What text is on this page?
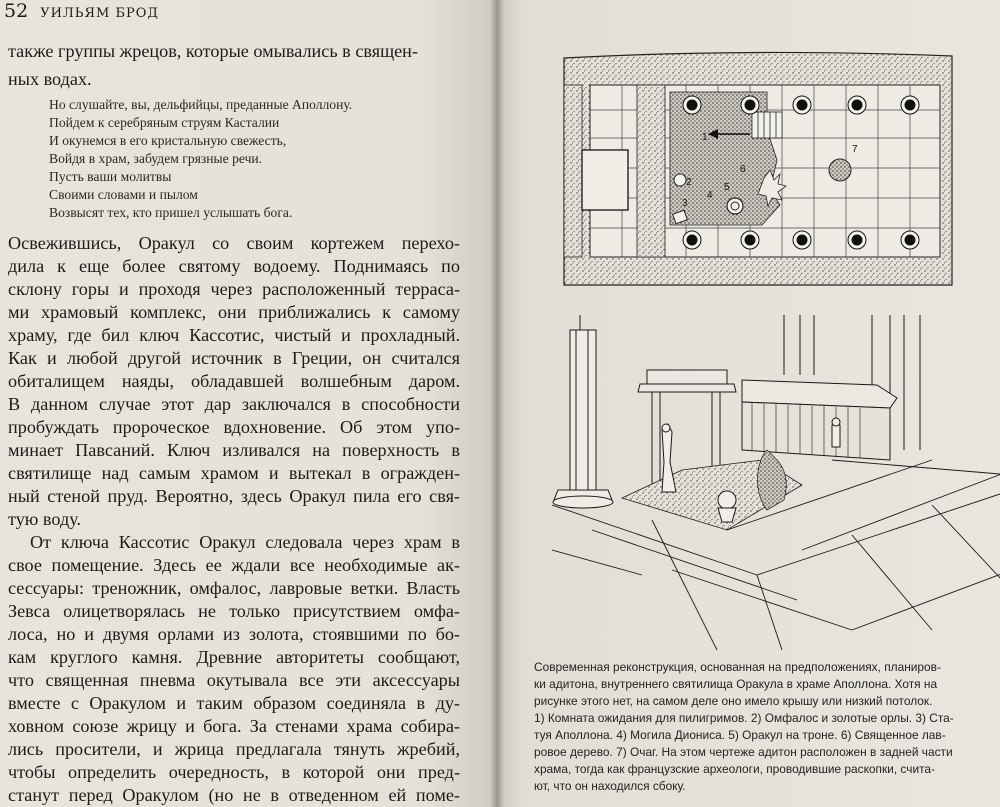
52 УИЛЬЯМ БРОД
также группы жрецов, которые омывались в священ-
ных водах.
Но слушайте, вы, дельфийцы, преданные Аполлону.
Пойдем к серебряным струям Касталии
И окунемся в его кристальную свежесть,
Войдя в храм, забудем грязные речи.
Пусть ваши молитвы
Своими словами и пылом
Возвысят тех, кто пришел услышать бога.
Освежившись, Оракул со своим кортежем перехо-
дила к еще более святому водоему. Поднимаясь по
склону горы и проходя через расположенный терраса-
ми храмовый комплекс, они приближались к самому
храму, где бил ключ Кассотис, чистый и прохладный.
Как и любой другой источник в Греции, он считался
обиталищем наяды, обладавшей волшебным даром.
В данном случае этот дар заключался в способности
пробуждать пророческое вдохновение. Об этом упо-
минает Павсаний. Ключ изливался на поверхность в
святилище над самым храмом и вытекал в огражден-
ный стеной пруд. Вероятно, здесь Оракул пила его свя-
тую воду.
От ключа Кассотис Оракул следовала через храм в
свое помещение. Здесь ее ждали все необходимые ак-
сессуары: треножник, омфалос, лавровые ветки. Власть
Зевса олицетворялась не только присутствием омфа-
лоса, но и двумя орлами из золота, стоявшими по бо-
кам круглого камня. Древние авторитеты сообщают,
что священная пневма окутывала все эти аксессуары
вместе с Оракулом и таким образом соединяла в ду-
ховном союзе жрицу и бога. За стенами храма собира-
лись просители, и жрица предлагала тянуть жребий,
чтобы определить очередность, в которой они пред-
станут перед Оракулом (но не в отведенном ей поме-
1
2
3
4
5
6
7
Современная реконструкция, основанная на предположениях, планиров-
ки адитона, внутреннего святилища Оракула в храме Аполлона. Хотя на
рисунке этого нет, на самом деле оно имело крышу или низкий потолок.
1) Комната ожидания для пилигримов. 2) Омфалос и золотые орлы. 3) Ста-
туя Аполлона. 4) Могила Диониса. 5) Оракул на троне. 6) Священное лав-
ровое дерево. 7) Очаг. На этом чертеже адитон расположен в задней части
храма, тогда как французские археологи, проводившие раскопки, счита-
ют, что он находился сбоку.
